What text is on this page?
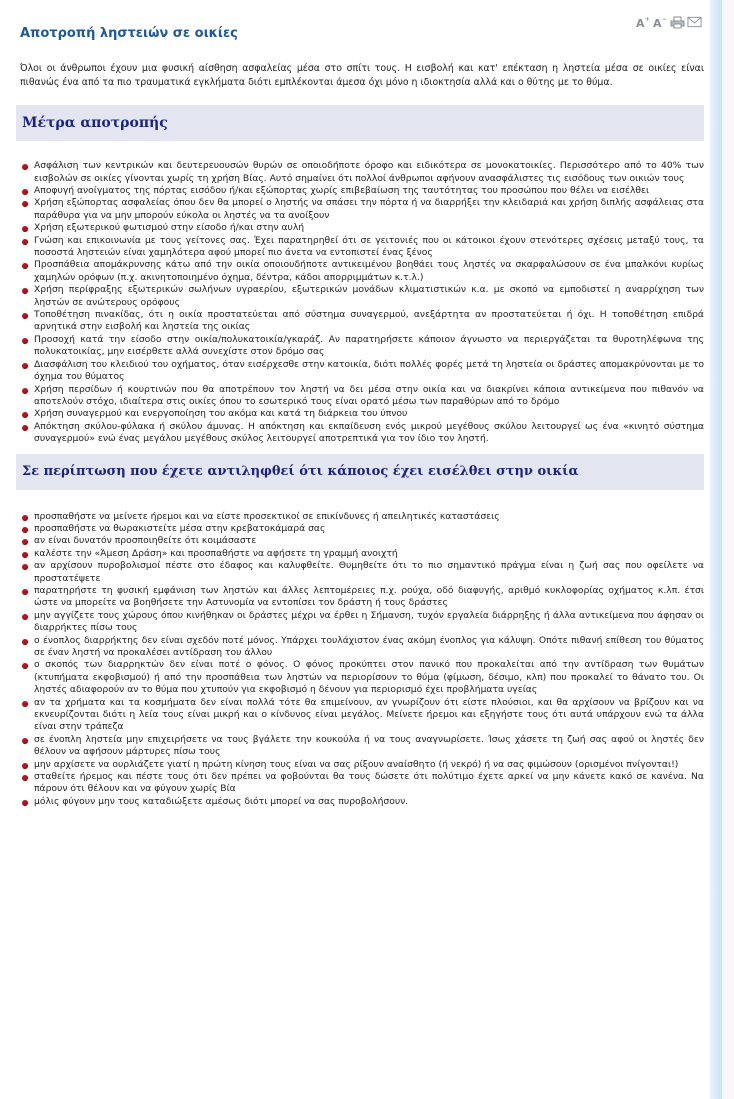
Αποτροπή ληστειών σε οικίες
A + A −
Όλοι οι άνθρωποι έχουν μια φυσική αίσθηση ασφαλείας μέσα στο σπίτι τους. Η εισβολή και κατ' επέκταση η ληστεία μέσα σε οικίες είναι πιθανώς ένα από τα πιο τραυματικά εγκλήματα διότι εμπλέκονται άμεσα όχι μόνο η ιδιοκτησία αλλά και ο θύτης με το θύμα.
Μέτρα αποτροπής
Ασφάλιση των κεντρικών και δευτερευουσών θυρών σε οποιοδήποτε όροφο και ειδικότερα σε μονοκατοικίες. Περισσότερο από το 40% των εισβολών σε οικίες γίνονται χωρίς τη χρήση Βίας. Αυτό σημαίνει ότι πολλοί άνθρωποι αφήνουν ανασφάλιστες τις εισόδους των οικιών τους
Αποφυγή ανοίγματος της πόρτας εισόδου ή/και εξώπορτας χωρίς επιβεβαίωση της ταυτότητας του προσώπου που θέλει να εισέλθει
Χρήση εξώπορτας ασφαλείας όπου δεν θα μπορεί ο ληστής να σπάσει την πόρτα ή να διαρρήξει την κλειδαριά και χρήση διπλής ασφάλειας στα παράθυρα για να μην μπορούν εύκολα οι ληστές να τα ανοίξουν
Χρήση εξωτερικού φωτισμού στην είσοδο ή/και στην αυλή
Γνώση και επικοινωνία με τους γείτονες σας. Έχει παρατηρηθεί ότι σε γειτονιές που οι κάτοικοι έχουν στενότερες σχέσεις μεταξύ τους, τα ποσοστά ληστειών είναι χαμηλότερα αφού μπορεί πιο άνετα να εντοπιστεί ένας ξένος
Προσπάθεια απομάκρυνσης κάτω από την οικία οποιουδήποτε αντικειμένου βοηθάει τους ληστές να σκαρφαλώσουν σε ένα μπαλκόνι κυρίως χαμηλών ορόφων (π.χ. ακινητοποιημένο όχημα, δέντρα, κάδοι απορριμμάτων κ.τ.λ.)
Χρήση περίφραξης εξωτερικών σωλήνων υγραερίου, εξωτερικών μονάδων κλιματιστικών κ.α. με σκοπό να εμποδιστεί η αναρρίχηση των ληστών σε ανώτερους ορόφους
Τοποθέτηση πινακίδας, ότι η οικία προστατεύεται από σύστημα συναγερμού, ανεξάρτητα αν προστατεύεται ή όχι. Η τοποθέτηση επιδρά αρνητικά στην εισβολή και ληστεία της οικίας
Προσοχή κατά την είσοδο στην οικία/πολυκατοικία/γκαράζ. Αν παρατηρήσετε κάποιον άγνωστο να περιεργάζεται τα θυροτηλέφωνα της πολυκατοικίας, μην εισέρθετε αλλά συνεχίστε στον δρόμο σας
Διασφάλιση του κλειδιού του οχήματος, όταν εισέρχεσθε στην κατοικία, διότι πολλές φορές μετά τη ληστεία οι δράστες απομακρύνονται με το όχημα του θύματος
Χρήση περσίδων ή κουρτινών που θα αποτρέπουν τον ληστή να δει μέσα στην οικία και να διακρίνει κάποια αντικείμενα που πιθανόν να αποτελούν στόχο, ιδιαίτερα στις οικίες όπου το εσωτερικό τους είναι ορατό μέσω των παραθύρων από το δρόμο
Χρήση συναγερμού και ενεργοποίηση του ακόμα και κατά τη διάρκεια του ύπνου
Απόκτηση σκύλου-φύλακα ή σκύλου άμυνας. Η απόκτηση και εκπαίδευση ενός μικρού μεγέθους σκύλου λειτουργεί ως ένα «κινητό σύστημα συναγερμού» ενώ ένας μεγάλου μεγέθους σκύλος λειτουργεί αποτρεπτικά για τον ίδιο τον ληστή.
Σε περίπτωση που έχετε αντιληφθεί ότι κάποιος έχει εισέλθει στην οικία
προσπαθήστε να μείνετε ήρεμοι και να είστε προσεκτικοί σε επικίνδυνες ή απειλητικές καταστάσεις
προσπαθήστε να θωρακιστείτε μέσα στην κρεβατοκάμαρά σας
αν είναι δυνατόν προσποιηθείτε ότι κοιμάσαστε
καλέστε την «Άμεση Δράση» και προσπαθήστε να αφήσετε τη γραμμή ανοιχτή
αν αρχίσουν πυροβολισμοί πέστε στο έδαφος και καλυφθείτε. Θυμηθείτε ότι το πιο σημαντικό πράγμα είναι η ζωή σας που οφείλετε να προστατέψετε
παρατηρήστε τη φυσική εμφάνιση των ληστών και άλλες λεπτομέρειες π.χ. ρούχα, οδό διαφυγής, αριθμό κυκλοφορίας οχήματος κ.λπ. έτσι ώστε να μπορείτε να βοηθήσετε την Αστυνομία να εντοπίσει τον δράστη ή τους δράστες
μην αγγίζετε τους χώρους όπου κινήθηκαν οι δράστες μέχρι να έρθει η Σήμανση, τυχόν εργαλεία διάρρηξης ή άλλα αντικείμενα που άφησαν οι διαρρήκτες πίσω τους
ο ένοπλος διαρρήκτης δεν είναι σχεδόν ποτέ μόνος. Υπάρχει τουλάχιστον ένας ακόμη ένοπλος για κάλυψη. Οπότε πιθανή επίθεση του θύματος σε έναν ληστή να προκαλέσει αντίδραση του άλλου
ο σκοπός των διαρρηκτών δεν είναι ποτέ ο φόνος. Ο φόνος προκύπτει στον πανικό που προκαλείται από την αντίδραση των θυμάτων (κτυπήματα εκφοβισμού) ή από την προσπάθεια των ληστών να περιορίσουν το θύμα (φίμωση, δέσιμο, κλπ) που προκαλεί το θάνατο του. Οι ληστές αδιαφορούν αν το θύμα που χτυπούν για εκφοβισμό η δένουν για περιορισμό έχει προβλήματα υγείας
αν τα χρήματα και τα κοσμήματα δεν είναι πολλά τότε θα επιμείνουν, αν γνωρίζουν ότι είστε πλούσιοι, και θα αρχίσουν να βρίζουν και να εκνευρίζονται διότι η λεία τους είναι μικρή και ο κίνδυνος είναι μεγάλος. Μείνετε ήρεμοι και εξηγήστε τους ότι αυτά υπάρχουν ενώ τα άλλα είναι στην τράπεζα
σε ένοπλη ληστεία μην επιχειρήσετε να τους βγάλετε την κουκούλα ή να τους αναγνωρίσετε. Ίσως χάσετε τη ζωή σας αφού οι ληστές δεν θέλουν να αφήσουν μάρτυρες πίσω τους
μην αρχίσετε να ουρλιάζετε γιατί η πρώτη κίνηση τους είναι να σας ρίξουν αναίσθητο (ή νεκρό) ή να σας φιμώσουν (ορισμένοι πνίγονται!)
σταθείτε ήρεμος και πέστε τους ότι δεν πρέπει να φοβούνται θα τους δώσετε ότι πολύτιμο έχετε αρκεί να μην κάνετε κακό σε κανένα. Να πάρουν ότι θέλουν και να φύγουν χωρίς Βία
μόλις φύγουν μην τους καταδιώξετε αμέσως διότι μπορεί να σας πυροβολήσουν.
